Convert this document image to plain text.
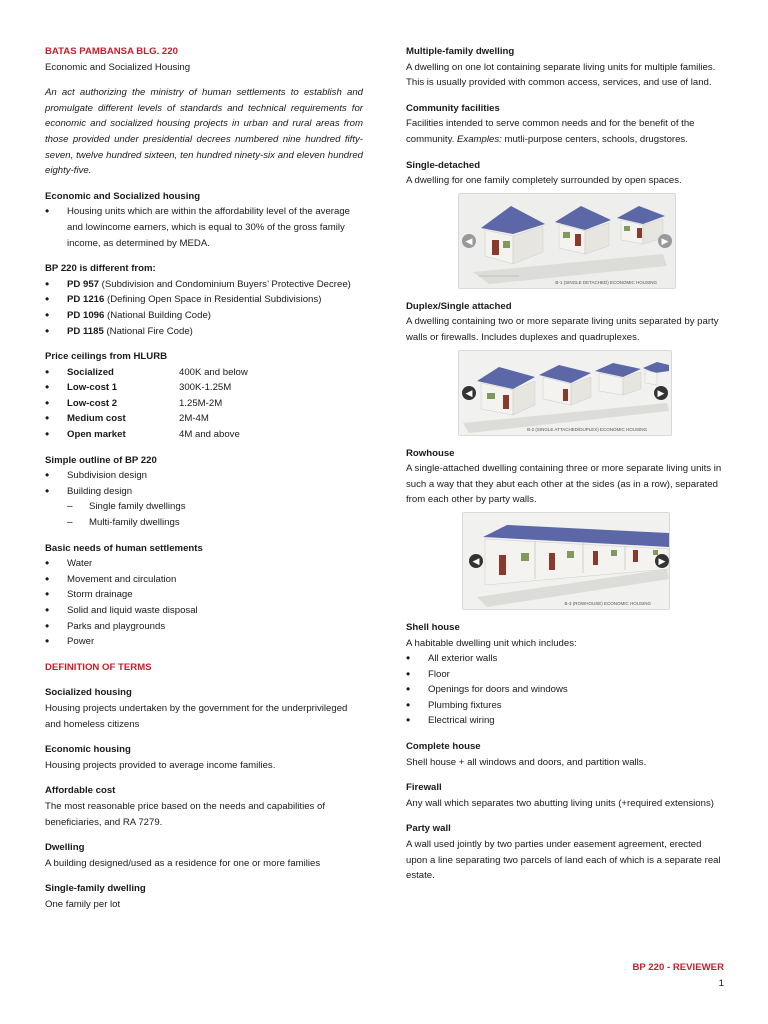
BATAS PAMBANSA BLG. 220

Economic and Socialized Housing

An act authorizing the ministry of human settlements to establish and promulgate different levels of standards and technical requirements for economic and socialized housing projects in urban and rural areas from those provided under presidential decrees numbered nine hundred fifty-seven, twelve hundred sixteen, ten hundred ninety-six and eleven hundred eighty-five.

Economic and Socialized housing

• Housing units which are within the affordability level of the average and lowincome earners, which is equal to 30% of the gross family income, as determined by MEDA.

BP 220 is different from:

• PD 957 (Subdivision and Condominium Buyers’ Protective Decree)
• PD 1216 (Defining Open Space in Residential Subdivisions)
• PD 1096 (National Building Code)
• PD 1185 (National Fire Code)

Price ceilings from HLURB

• Socialized	400K and below
• Low-cost 1	300K-1.25M
• Low-cost 2	1.25M-2M
• Medium cost	2M-4M
• Open market	4M and above

Simple outline of BP 220

• Subdivision design
• Building design
– Single family dwellings
– Multi-family dwellings

Basic needs of human settlements

• Water
• Movement and circulation
• Storm drainage
• Solid and liquid waste disposal
• Parks and playgrounds
• Power

DEFINITION OF TERMS

Socialized housing

Housing projects undertaken by the government for the underprivileged and homeless citizens

Economic housing

Housing projects provided to average income families.

Affordable cost

The most reasonable price based on the needs and capabilities of beneficiaries, and RA 7279.

Dwelling

A building designed/used as a residence for one or more families

Single-family dwelling

One family per lot

Multiple-family dwelling

A dwelling on one lot containing separate living units for multiple families. This is usually provided with common access, services, and use of land.

Community facilities

Facilities intended to serve common needs and for the benefit of the community. Examples: mutli-purpose centers, schools, drugstores.

Single-detached

A dwelling for one family completely surrounded by open spaces.

◀	▶
B-1 (SINGLE DETACHED) ECONOMIC HOUSING

Duplex/Single attached

A dwelling containing two or more separate living units separated by party walls or firewalls. Includes duplexes and quadruplexes.

◀	▶
B-2 (SINGLE ATTACHED/DUPLEX) ECONOMIC HOUSING

Rowhouse

A single-attached dwelling containing three or more separate living units in such a way that they abut each other at the sides (as in a row), separated from each other by party walls.

◀	▶
B-3 (ROWHOUSE) ECONOMIC HOUSING

Shell house

A habitable dwelling unit which includes:

• All exterior walls
• Floor
• Openings for doors and windows
• Plumbing fixtures
• Electrical wiring

Complete house

Shell house + all windows and doors, and partition walls.

Firewall

Any wall which separates two abutting living units (+required extensions)

Party wall

A wall used jointly by two parties under easement agreement, erected upon a line separating two parcels of land each of which is a separate real estate.

BP 220 - REVIEWER
1
